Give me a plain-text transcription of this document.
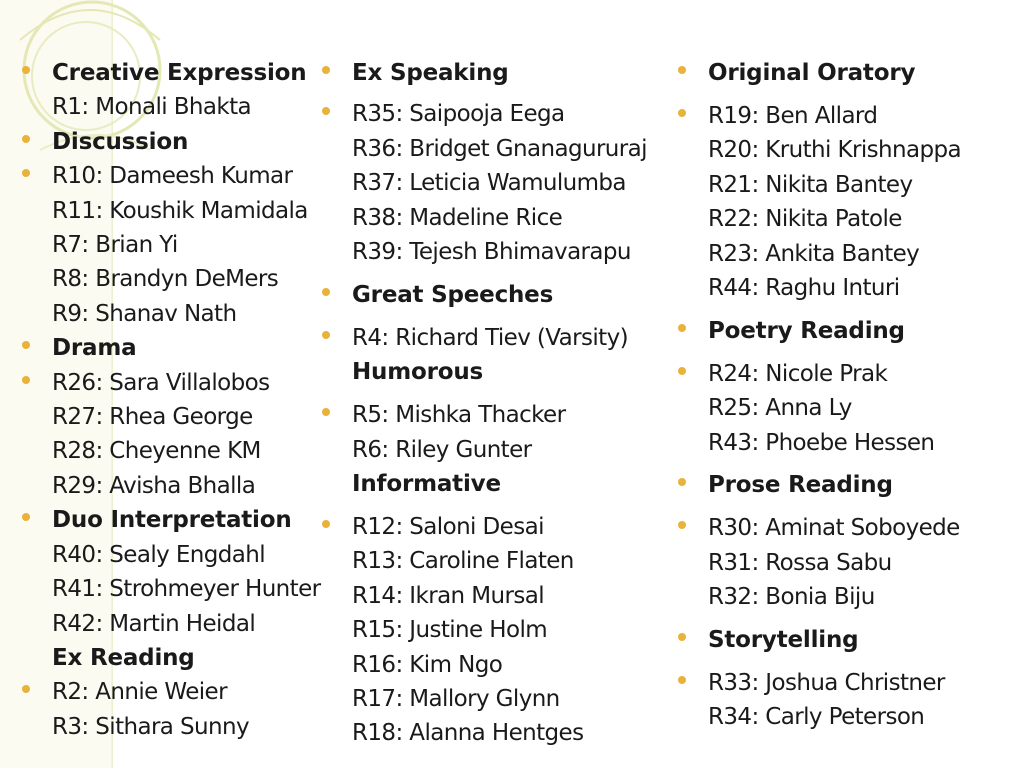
Creative Expression
R1: Monali Bhakta
Discussion
R10: Dameesh Kumar
R11: Koushik Mamidala
R7: Brian Yi
R8: Brandyn DeMers
R9: Shanav Nath
Drama
R26: Sara Villalobos
R27: Rhea George
R28: Cheyenne KM
R29: Avisha Bhalla
Duo Interpretation
R40: Sealy Engdahl
R41: Strohmeyer Hunter
R42: Martin Heidal
Ex Reading
R2: Annie Weier
R3: Sithara Sunny
Ex Speaking
R35: Saipooja Eega
R36: Bridget Gnanagururaj
R37: Leticia Wamulumba
R38: Madeline Rice
R39: Tejesh Bhimavarapu
Great Speeches
R4: Richard Tiev (Varsity)
Humorous
R5: Mishka Thacker
R6: Riley Gunter
Informative
R12: Saloni Desai
R13: Caroline Flaten
R14: Ikran Mursal
R15: Justine Holm
R16: Kim Ngo
R17: Mallory Glynn
R18: Alanna Hentges
Original Oratory
R19: Ben Allard
R20: Kruthi Krishnappa
R21: Nikita Bantey
R22: Nikita Patole
R23: Ankita Bantey
R44: Raghu Inturi
Poetry Reading
R24: Nicole Prak
R25: Anna Ly
R43: Phoebe Hessen
Prose Reading
R30: Aminat Soboyede
R31: Rossa Sabu
R32: Bonia Biju
Storytelling
R33: Joshua Christner
R34: Carly Peterson
